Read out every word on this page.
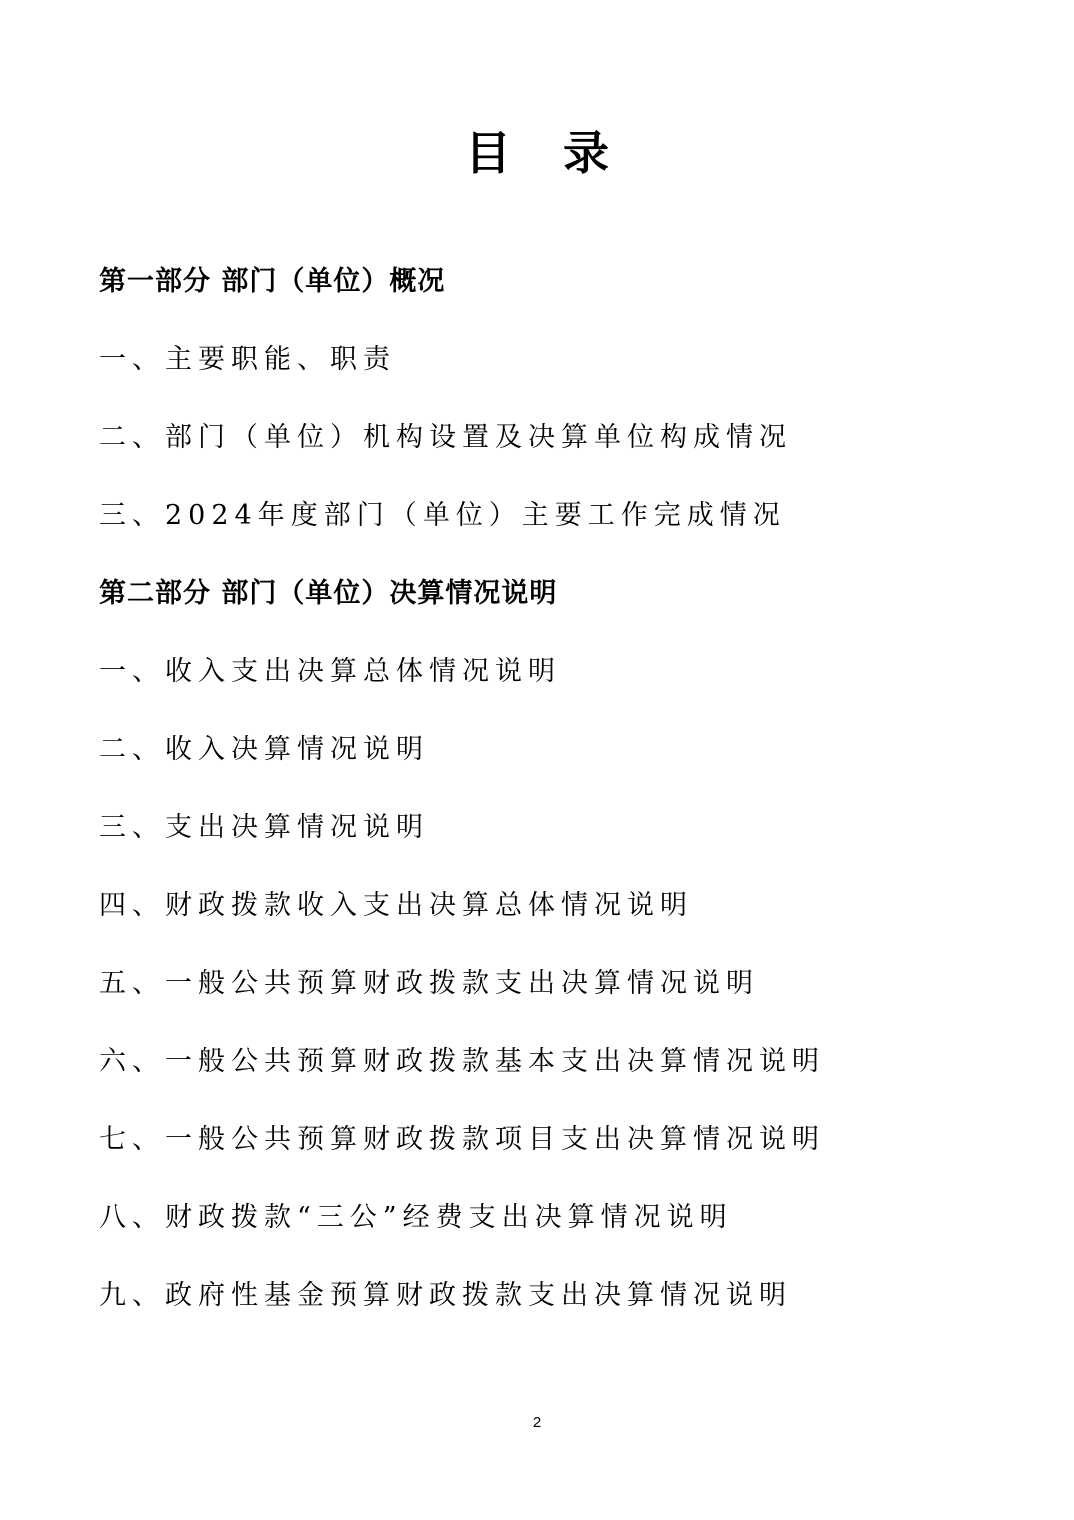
目 录
第一部分 部门（单位）概况
一、主要职能、职责
二、部门（单位）机构设置及决算单位构成情况
三、2024年度部门（单位）主要工作完成情况
第二部分 部门（单位）决算情况说明
一、收入支出决算总体情况说明
二、收入决算情况说明
三、支出决算情况说明
四、财政拨款收入支出决算总体情况说明
五、一般公共预算财政拨款支出决算情况说明
六、一般公共预算财政拨款基本支出决算情况说明
七、一般公共预算财政拨款项目支出决算情况说明
八、财政拨款“三公”经费支出决算情况说明
九、政府性基金预算财政拨款支出决算情况说明
2
